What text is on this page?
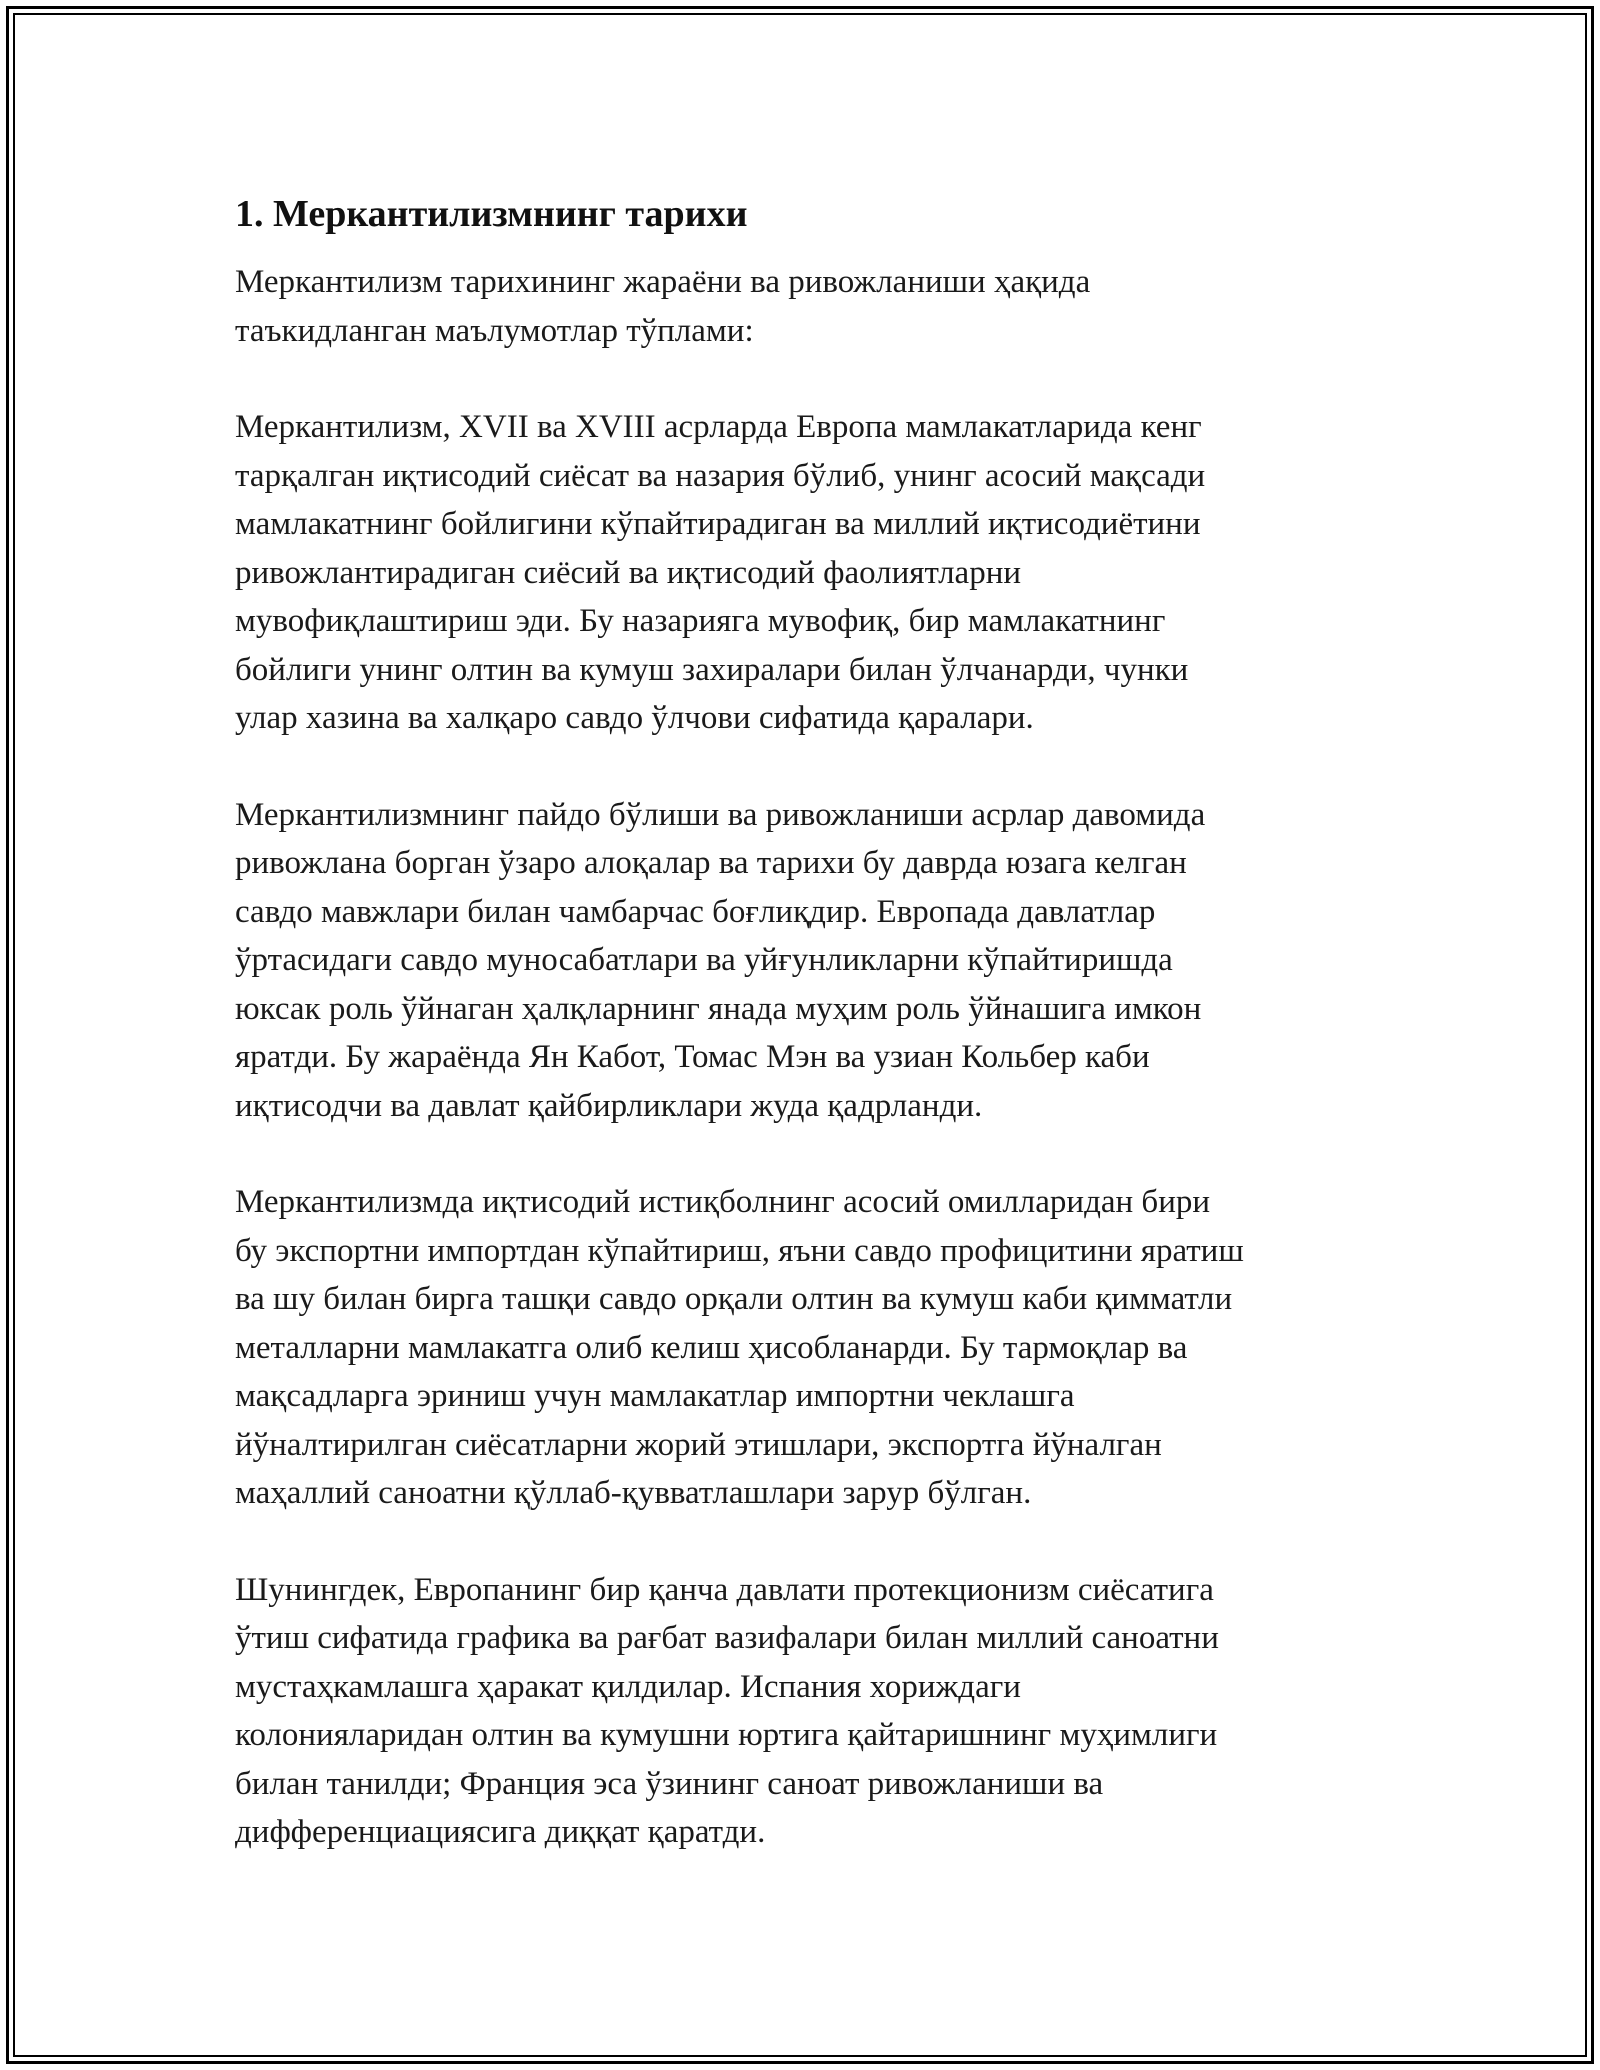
1. Меркантилизмнинг тарихи

Меркантилизм тарихининг жараёни ва ривожланиши ҳақида
таъкидланган маълумотлар тўплами:

Меркантилизм, XVII ва XVIII асрларда Европа мамлакатларида кенг
тарқалган иқтисодий сиёсат ва назария бўлиб, унинг асосий мақсади
мамлакатнинг бойлигини кўпайтирадиган ва миллий иқтисодиётини
ривожлантирадиган сиёсий ва иқтисодий фаолиятларни
мувофиқлаштириш эди. Бу назарияга мувофиқ, бир мамлакатнинг
бойлиги унинг олтин ва кумуш захиралари билан ўлчанарди, чунки
улар хазина ва халқаро савдо ўлчови сифатида қаралари.

Меркантилизмнинг пайдо бўлиши ва ривожланиши асрлар давомида
ривожлана борган ўзаро алоқалар ва тарихи бу даврда юзага келган
савдо мавжлари билан чамбарчас боғлиқдир. Европада давлатлар
ўртасидаги савдо муносабатлари ва уйғунликларни кўпайтиришда
юксак роль ўйнаган ҳалқларнинг янада муҳим роль ўйнашига имкон
яратди. Бу жараёнда Ян Кабот, Томас Мэн ва узиан Кольбер каби
иқтисодчи ва давлат қайбирликлари жуда қадрланди.

Меркантилизмда иқтисодий истиқболнинг асосий омилларидан бири
бу экспортни импортдан кўпайтириш, яъни савдо профицитини яратиш
ва шу билан бирга ташқи савдо орқали олтин ва кумуш каби қимматли
металларни мамлакатга олиб келиш ҳисобланарди. Бу тармоқлар ва
мақсадларга эриниш учун мамлакатлар импортни чеклашга
йўналтирилган сиёсатларни жорий этишлари, экспортга йўналган
маҳаллий саноатни қўллаб-қувватлашлари зарур бўлган.

Шунингдек, Европанинг бир қанча давлати протекционизм сиёсатига
ўтиш сифатида графика ва рағбат вазифалари билан миллий саноатни
мустаҳкамлашга ҳаракат қилдилар. Испания хориждаги
колонияларидан олтин ва кумушни юртига қайтаришнинг муҳимлиги
билан танилди; Франция эса ўзининг саноат ривожланиши ва
дифференциациясига диққат қаратди.
